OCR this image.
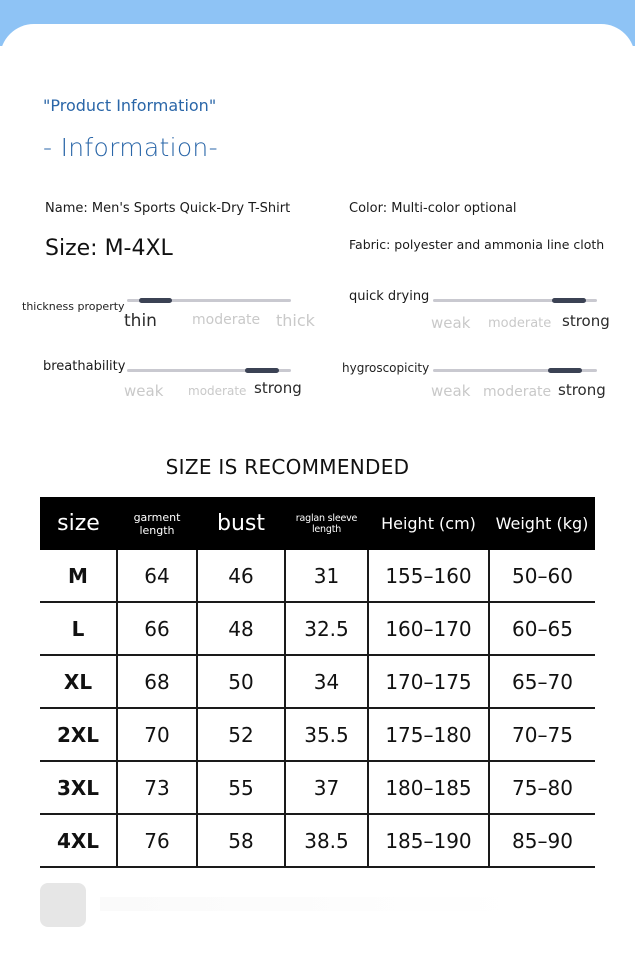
"Product Information"
- Information-
Name: Men's Sports Quick-Dry T-Shirt	Color: Multi-color optional
Size: M-4XL	Fabric: polyester and ammonia line cloth
thickness property
thin	moderate thick
quick drying
weak moderate strong
breathability
weak moderate strong
hygroscopicity
weak moderate strong
SIZE IS RECOMMENDED
size	garment length	bust	raglan sleeve length	Height (cm)	Weight (kg)
M	64	46	31	155–160	50–60
L	66	48	32.5	160–170	60–65
XL	68	50	34	170–175	65–70
2XL	70	52	35.5	175–180	70–75
3XL	73	55	37	180–185	75–80
4XL	76	58	38.5	185–190	85–90
